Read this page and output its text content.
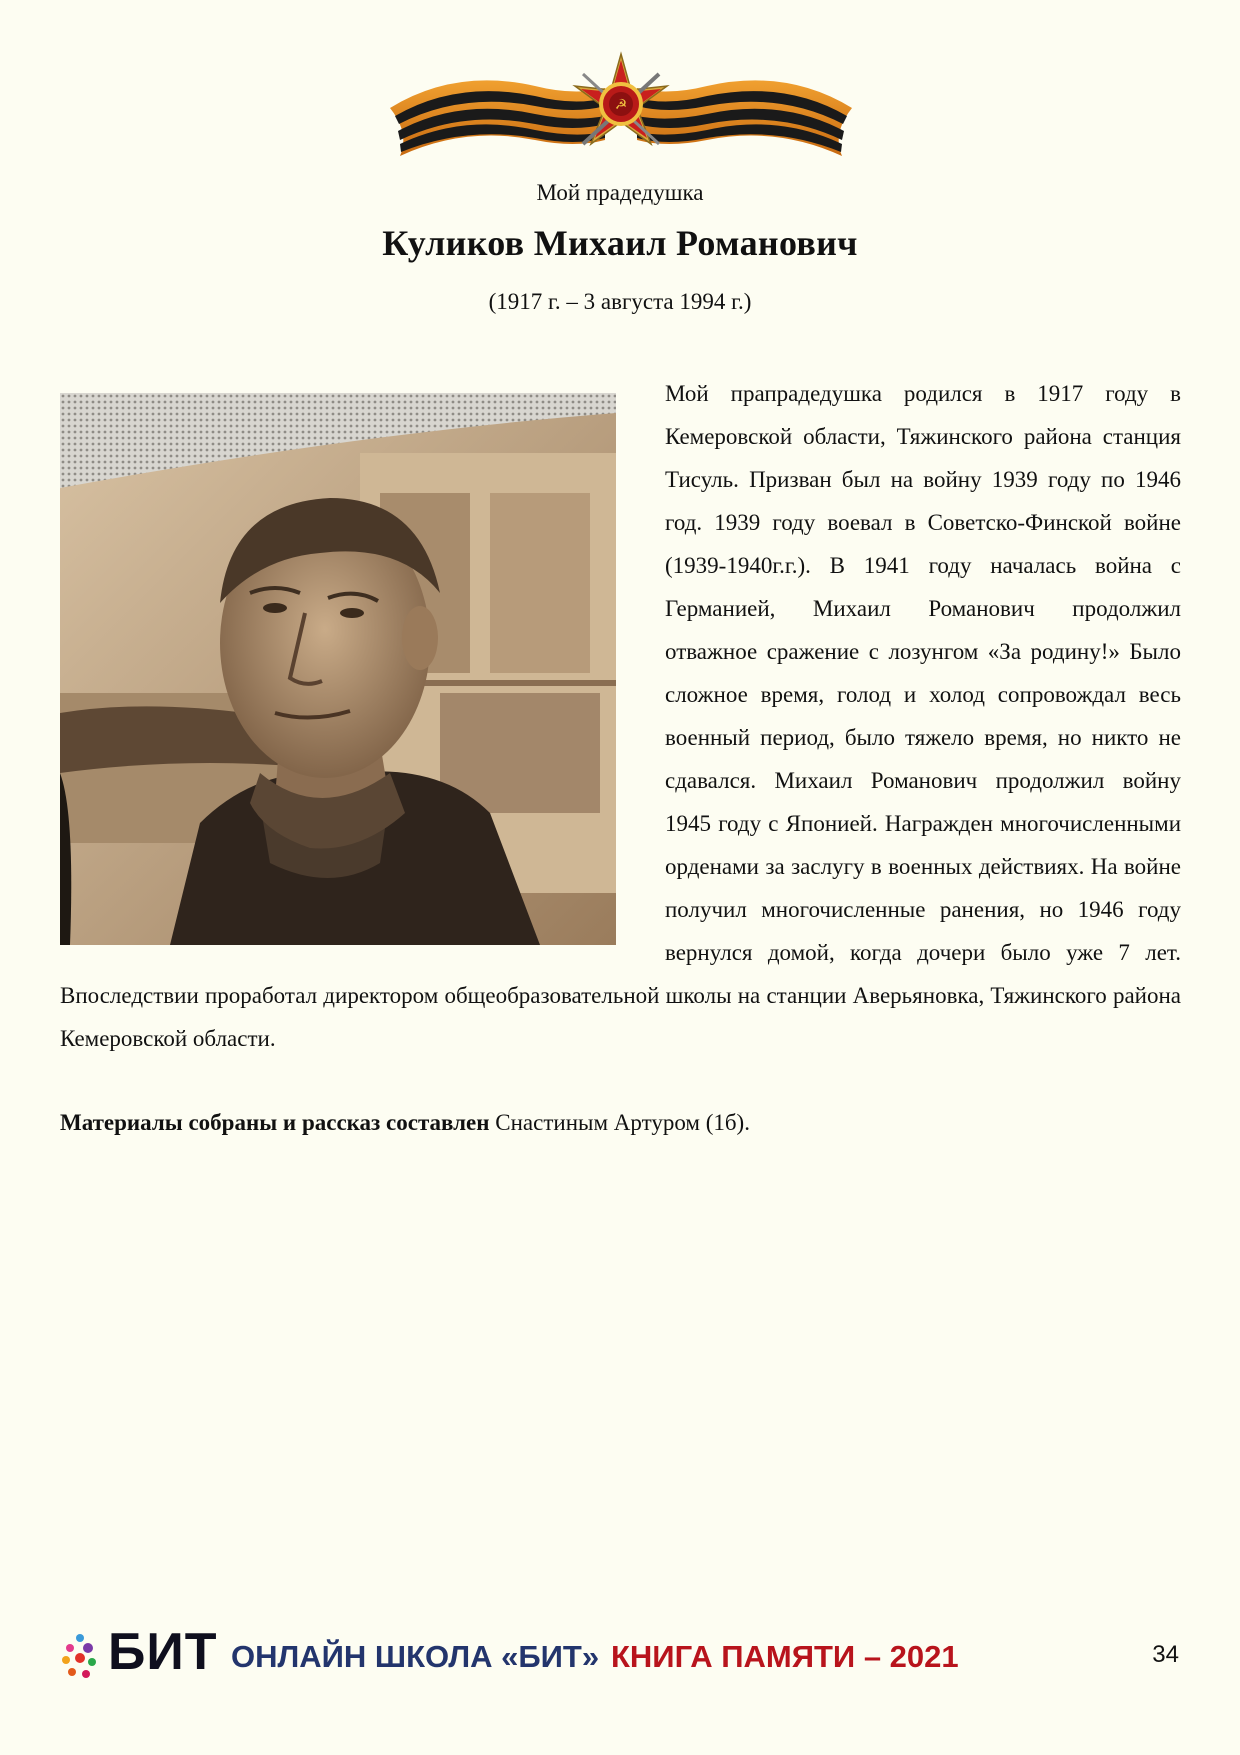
☭
Мой прадедушка
Куликов Михаил Романович
(1917 г. – 3 августа 1994 г.)
Мой прапрадедушка родился в 1917 году в Кемеровской области, Тяжинского района станция Тисуль. Призван был на войну 1939 году по 1946 год. 1939 году воевал в Советско-Финской войне (1939-1940г.г.). В 1941 году началась война с Германией, Михаил Романович продолжил отважное сражение с лозунгом «За родину!» Было сложное время, голод и холод сопровождал весь военный период, было тяжело время, но никто не сдавался. Михаил Романович продолжил войну 1945 году с Японией. Награжден многочисленными орденами за заслугу в военных действиях. На войне получил многочисленные ранения, но 1946 году вернулся домой, когда дочери было уже 7 лет. Впоследствии проработал директором общеобразовательной школы на станции Аверьяновка, Тяжинского района Кемеровской области.
Материалы собраны и рассказ составлен Снастиным Артуром (1б).
БИТ ОНЛАЙН ШКОЛА «БИТ» КНИГА ПАМЯТИ – 2021	34
